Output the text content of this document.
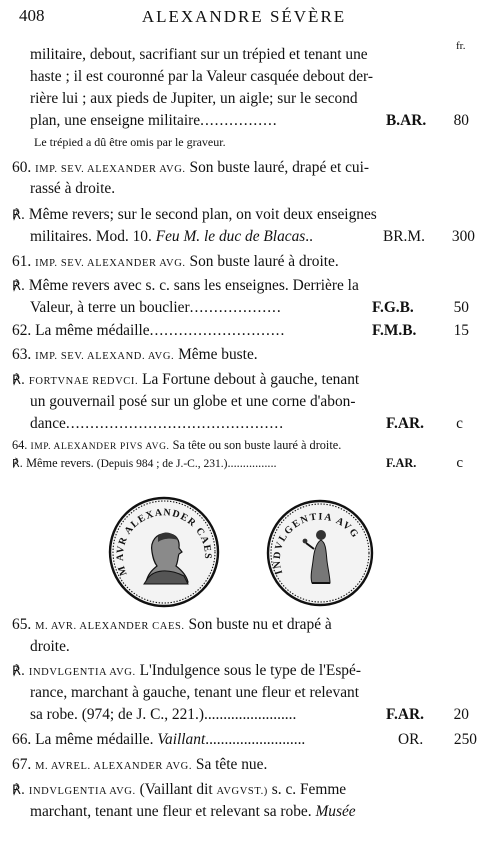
408	ALEXANDRE SÉVÈRE
fr.
militaire, debout, sacrifiant sur un trépied et tenant une
haste ; il est couronné par la Valeur casquée debout der-
rière lui ; aux pieds de Jupiter, un aigle; sur le second
plan, une enseigne militaire................	B.AR. 80
Le trépied a dû être omis par le graveur.
60. IMP. SEV. ALEXANDER AVG. Son buste lauré, drapé et cui-
rassé à droite.
℟. Même revers; sur le second plan, on voit deux enseignes
militaires. Mod. 10. Feu M. le duc de Blacas..	BR.M. 300
61. IMP. SEV. ALEXANDER AVG. Son buste lauré à droite.
℟. Même revers avec s. c. sans les enseignes. Derrière la
Valeur, à terre un bouclier...................	F.G.B.	50
62. La même médaille............................	F.M.B. 15
63. IMP. SEV. ALEXAND. AVG. Même buste.
℟. FORTVNAE REDVCI. La Fortune debout à gauche, tenant
un gouvernail posé sur un globe et une corne d'abon-
dance.............................................	F.AR. c
64. IMP. ALEXANDER PIVS AVG. Sa tête ou son buste lauré à droite.
℟. Même revers. (Depuis 984 ; de J.-C., 231.)................	F.AR.	c
M AVR ALEXANDER CAES
INDVLGENTIA AVG
65. M. AVR. ALEXANDER CAES. Son buste nu et drapé à
droite.
℟. INDVLGENTIA AVG. L'Indulgence sous le type de l'Espé-
rance, marchant à gauche, tenant une fleur et relevant
sa robe. (974; de J. C., 221.)........................	F.AR. 20
66. La même médaille. Vaillant..........................	OR. 250
67. M. AVREL. ALEXANDER AVG. Sa tête nue.
℟. INDVLGENTIA AVG. (Vaillant dit AVGVST.) s. c. Femme
marchant, tenant une fleur et relevant sa robe. Musée
